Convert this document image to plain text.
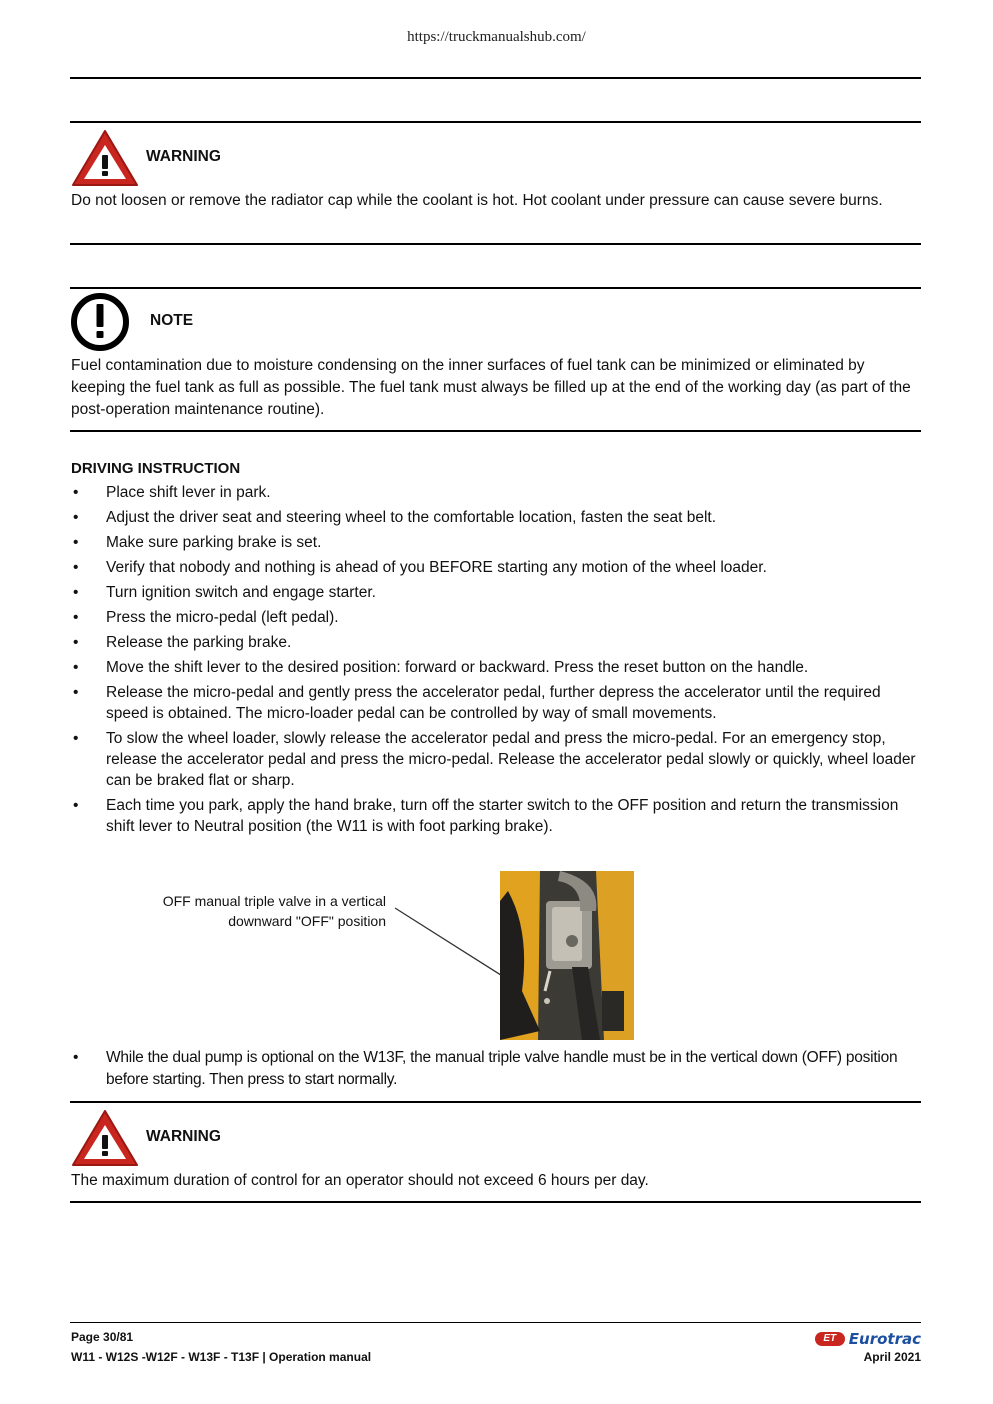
https://truckmanualshub.com/
WARNING
Do not loosen or remove the radiator cap while the coolant is hot. Hot coolant under pressure can cause severe burns.
NOTE
Fuel contamination due to moisture condensing on the inner surfaces of fuel tank can be minimized or eliminated by keeping the fuel tank as full as possible. The fuel tank must always be filled up at the end of the working day (as part of the post-operation maintenance routine).
DRIVING INSTRUCTION
• Place shift lever in park.
• Adjust the driver seat and steering wheel to the comfortable location, fasten the seat belt.
• Make sure parking brake is set.
• Verify that nobody and nothing is ahead of you BEFORE starting any motion of the wheel loader.
• Turn ignition switch and engage starter.
• Press the micro-pedal (left pedal).
• Release the parking brake.
• Move the shift lever to the desired position: forward or backward. Press the reset button on the handle.
• Release the micro-pedal and gently press the accelerator pedal, further depress the accelerator until the required speed is obtained. The micro-loader pedal can be controlled by way of small movements.
• To slow the wheel loader, slowly release the accelerator pedal and press the micro-pedal. For an emergency stop, release the accelerator pedal and press the micro-pedal. Release the accelerator pedal slowly or quickly, wheel loader can be braked flat or sharp.
• Each time you park, apply the hand brake, turn off the starter switch to the OFF position and return the transmission shift lever to Neutral position (the W11 is with foot parking brake).
OFF manual triple valve in a vertical
downward "OFF" position
• While the dual pump is optional on the W13F, the manual triple valve handle must be in the vertical down (OFF) position before starting. Then press to start normally.
WARNING
The maximum duration of control for an operator should not exceed 6 hours per day.
Page 30/81
W11 - W12S -W12F - W13F - T13F | Operation manual
ET Eurotrac
April 2021
